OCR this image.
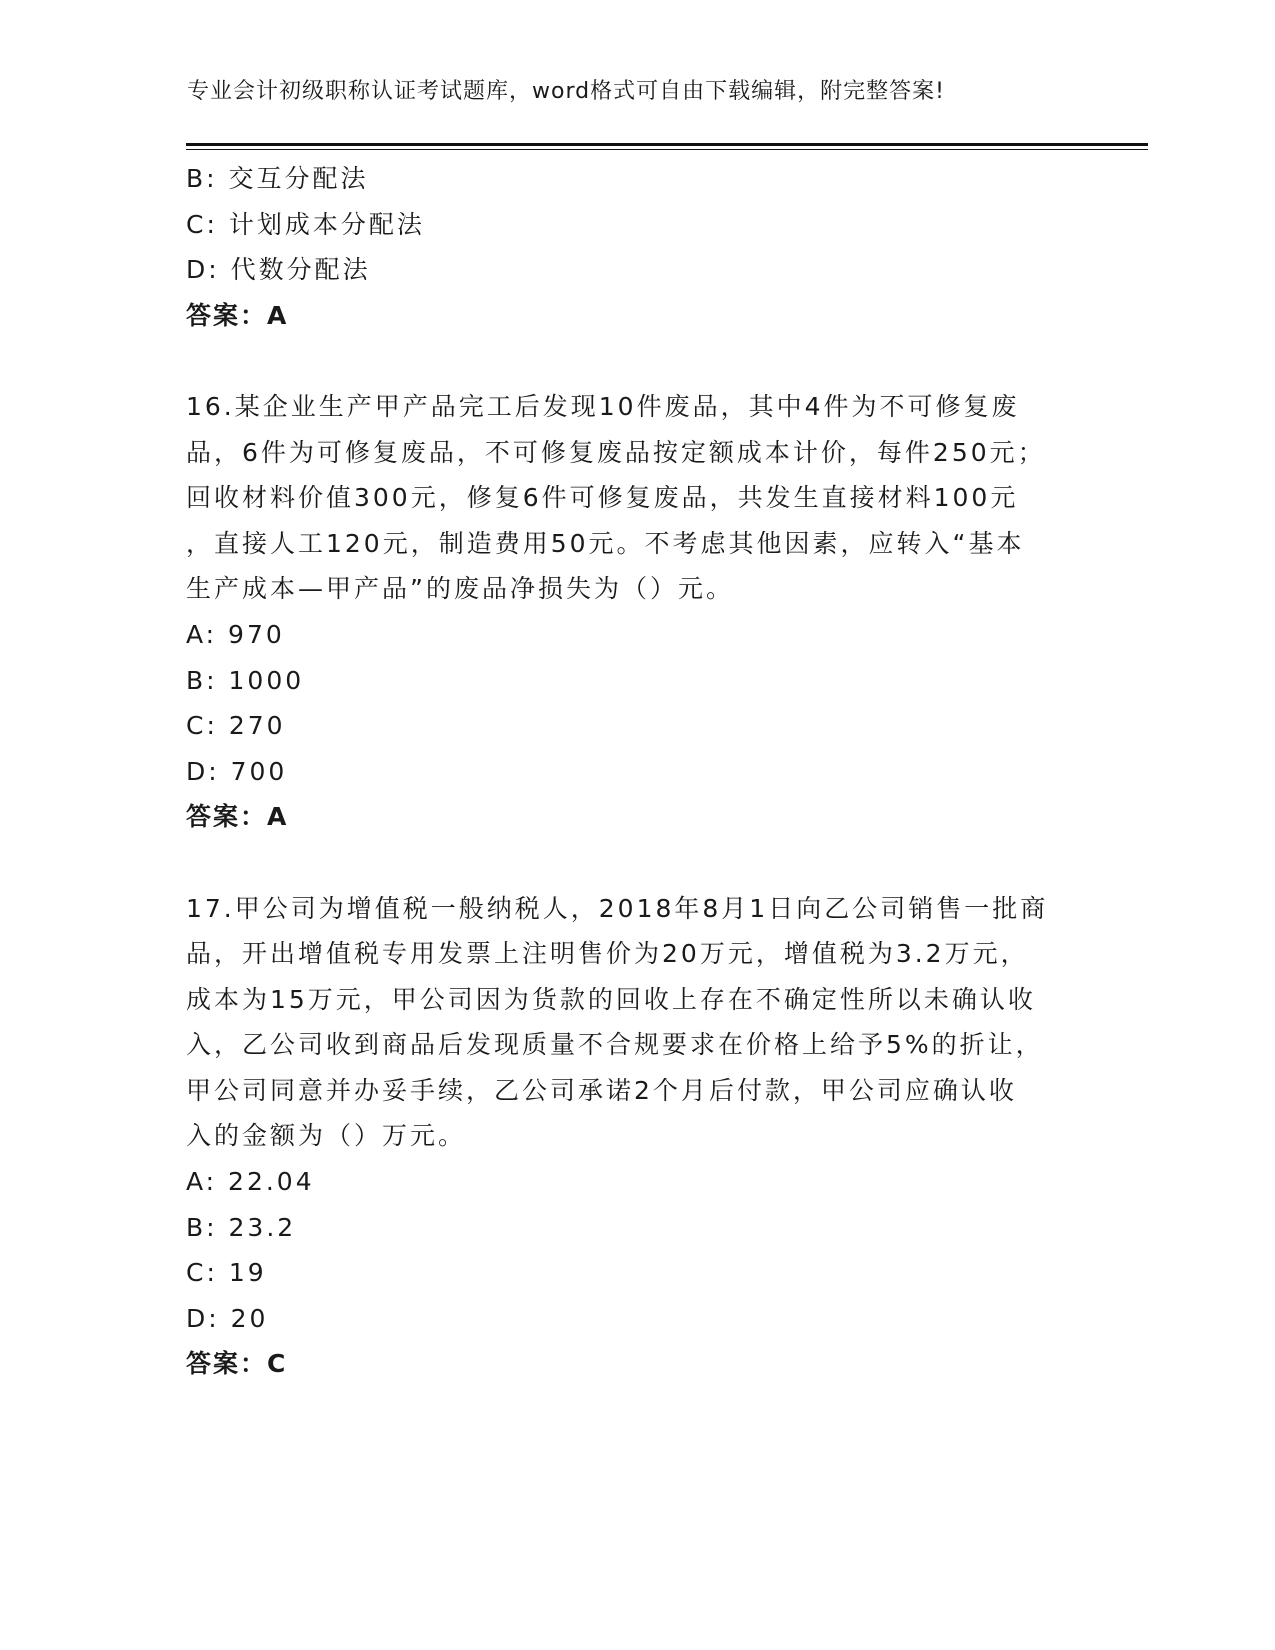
专业会计初级职称认证考试题库，word格式可自由下载编辑，附完整答案!
B: 交互分配法
C: 计划成本分配法
D: 代数分配法
答案：A
16.某企业生产甲产品完工后发现10件废品，其中4件为不可修复废
品，6件为可修复废品，不可修复废品按定额成本计价，每件250元；
回收材料价值300元，修复6件可修复废品，共发生直接材料100元
，直接人工120元，制造费用50元。不考虑其他因素，应转入“基本
生产成本—甲产品”的废品净损失为（）元。
A: 970
B: 1000
C: 270
D: 700
答案：A
17.甲公司为增值税一般纳税人，2018年8月1日向乙公司销售一批商
品，开出增值税专用发票上注明售价为20万元，增值税为3.2万元，
成本为15万元，甲公司因为货款的回收上存在不确定性所以未确认收
入，乙公司收到商品后发现质量不合规要求在价格上给予5%的折让，
甲公司同意并办妥手续，乙公司承诺2个月后付款，甲公司应确认收
入的金额为（）万元。
A: 22.04
B: 23.2
C: 19
D: 20
答案：C
